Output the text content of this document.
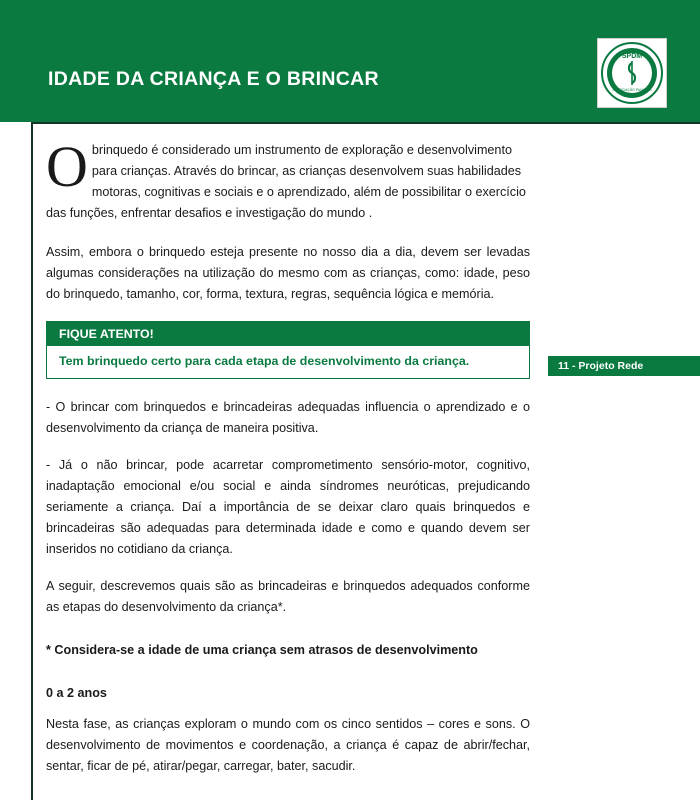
IDADE DA CRIANÇA E O BRINCAR
SPDM
ASSOCIAÇÃO PAULISTA
11 - Projeto Rede
O brinquedo é considerado um instrumento de exploração e desenvolvimento para crianças. Através do brincar, as crianças desenvolvem suas habilidades motoras, cognitivas e sociais e o aprendizado, além de possibilitar o exercício das funções, enfrentar desafios e investigação do mundo .

Assim, embora o brinquedo esteja presente no nosso dia a dia, devem ser levadas algumas considerações na utilização do mesmo com as crianças, como: idade, peso do brinquedo, tamanho, cor, forma, textura, regras, sequência lógica e memória.

FIQUE ATENTO!
Tem brinquedo certo para cada etapa de desenvolvimento da criança.

- O brincar com brinquedos e brincadeiras adequadas influencia o aprendizado e o desenvolvimento da criança de maneira positiva.

- Já o não brincar, pode acarretar comprometimento sensório-motor, cognitivo, inadaptação emocional e/ou social e ainda síndromes neuróticas, prejudicando seriamente a criança. Daí a importância de se deixar claro quais brinquedos e brincadeiras são adequadas para determinada idade e como e quando devem ser inseridos no cotidiano da criança.

A seguir, descrevemos quais são as brincadeiras e brinquedos adequados conforme as etapas do desenvolvimento da criança*.

* Considera-se a idade de uma criança sem atrasos de desenvolvimento

0 a 2 anos

Nesta fase, as crianças exploram o mundo com os cinco sentidos – cores e sons. O desenvolvimento de movimentos e coordenação, a criança é capaz de abrir/fechar, sentar, ficar de pé, atirar/pegar, carregar, bater, sacudir.
